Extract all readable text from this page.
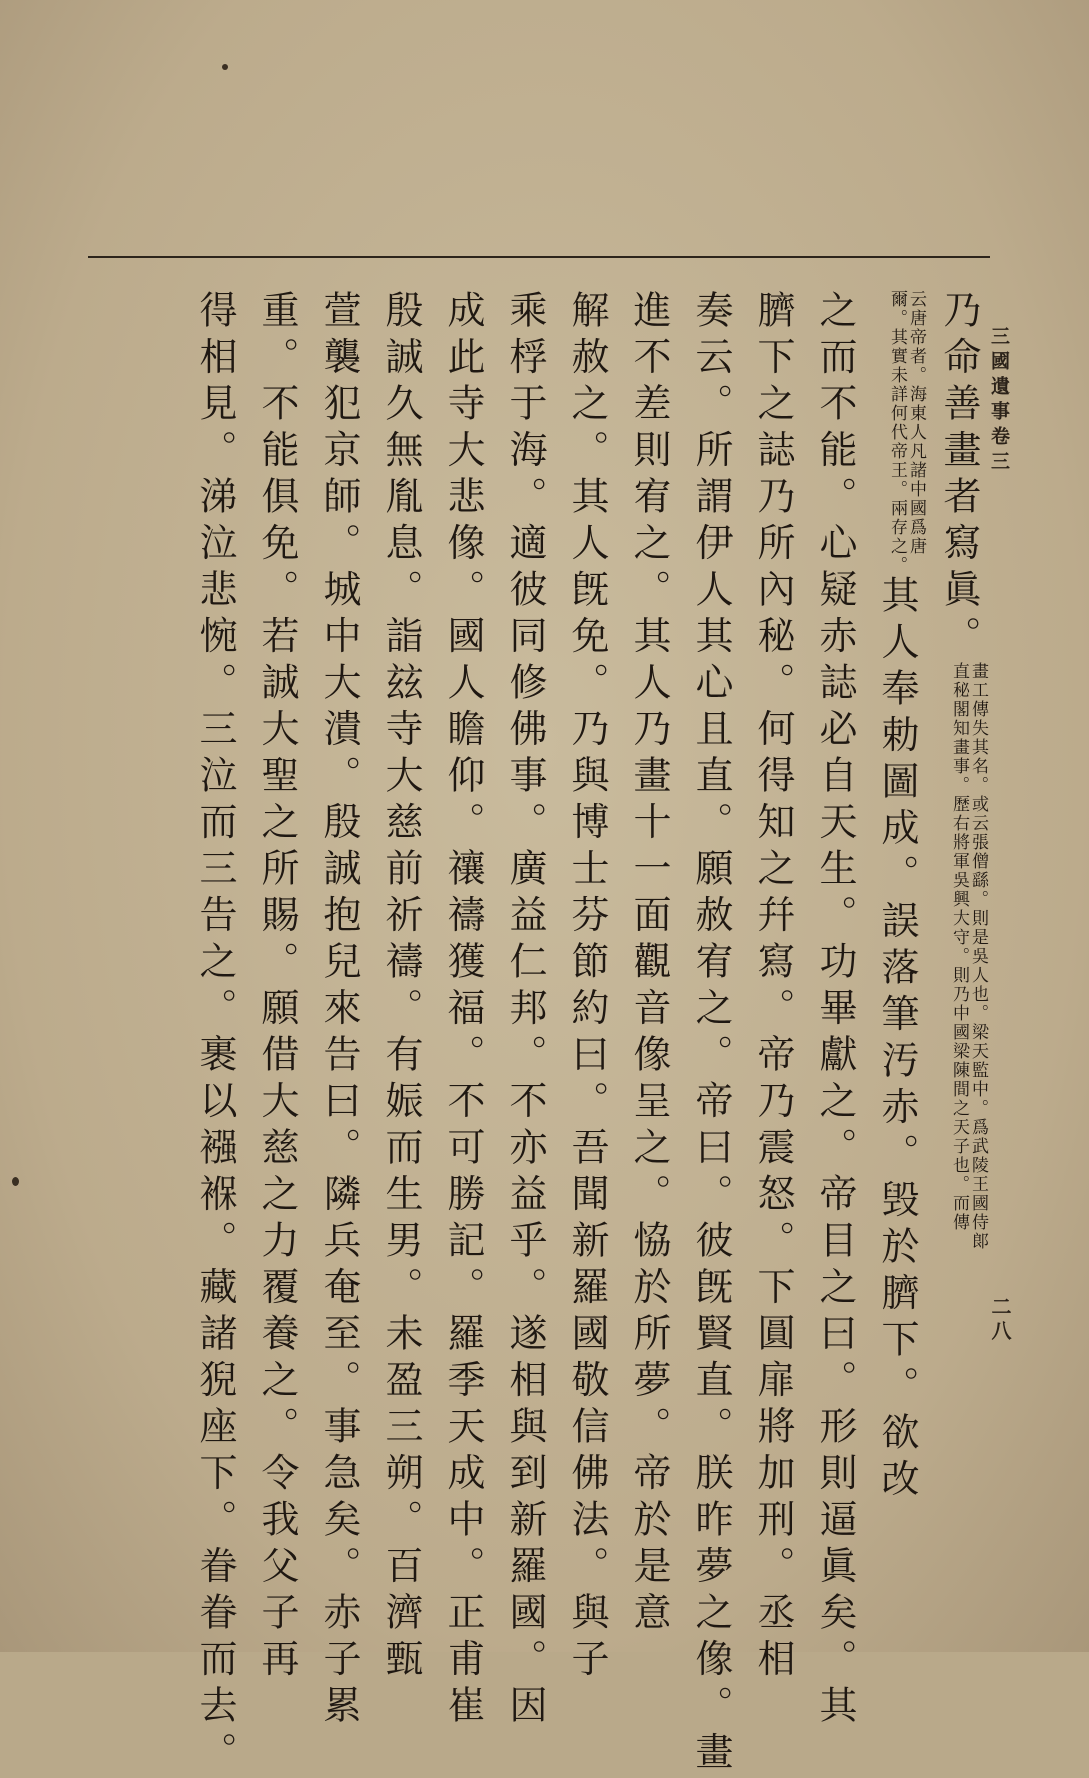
三國遺事卷三
二八
乃命善畫者寫眞。
畫工傳失其名。或云張僧繇。則是吳人也。梁天監中。爲武陵王國侍郞
直秘閣知畫事。歷右將軍吳興大守。則乃中國梁陳間之天子也。而傳
云唐帝者。海東人凡諸中國爲唐
爾。其實未詳何代帝王。兩存之。
其人奉勅圖成。誤落筆汚赤。毁於臍下。欲改
之而不能。心疑赤誌必自天生。功畢獻之。帝目之曰。形則逼眞矣。其
臍下之誌乃所內秘。何得知之幷寫。帝乃震怒。下圓扉將加刑。丞相
奏云。所謂伊人其心且直。願赦宥之。帝曰。彼旣賢直。朕昨夢之像。畫
進不差則宥之。其人乃畫十一面觀音像呈之。恊於所夢。帝於是意
解赦之。其人旣免。乃與博士芬節約曰。吾聞新羅國敬信佛法。與子
乘桴于海。適彼同修佛事。廣益仁邦。不亦益乎。遂相與到新羅國。因
成此寺大悲像。國人瞻仰。禳禱獲福。不可勝記。羅季天成中。正甫崔
殷誠久無胤息。詣玆寺大慈前祈禱。有娠而生男。未盈三朔。百濟甄
萱襲犯京師。城中大潰。殷誠抱兒來告曰。隣兵奄至。事急矣。赤子累
重。不能俱免。若誠大聖之所賜。願借大慈之力覆養之。令我父子再
得相見。涕泣悲惋。三泣而三告之。裹以襁褓。藏諸猊座下。眷眷而去。
